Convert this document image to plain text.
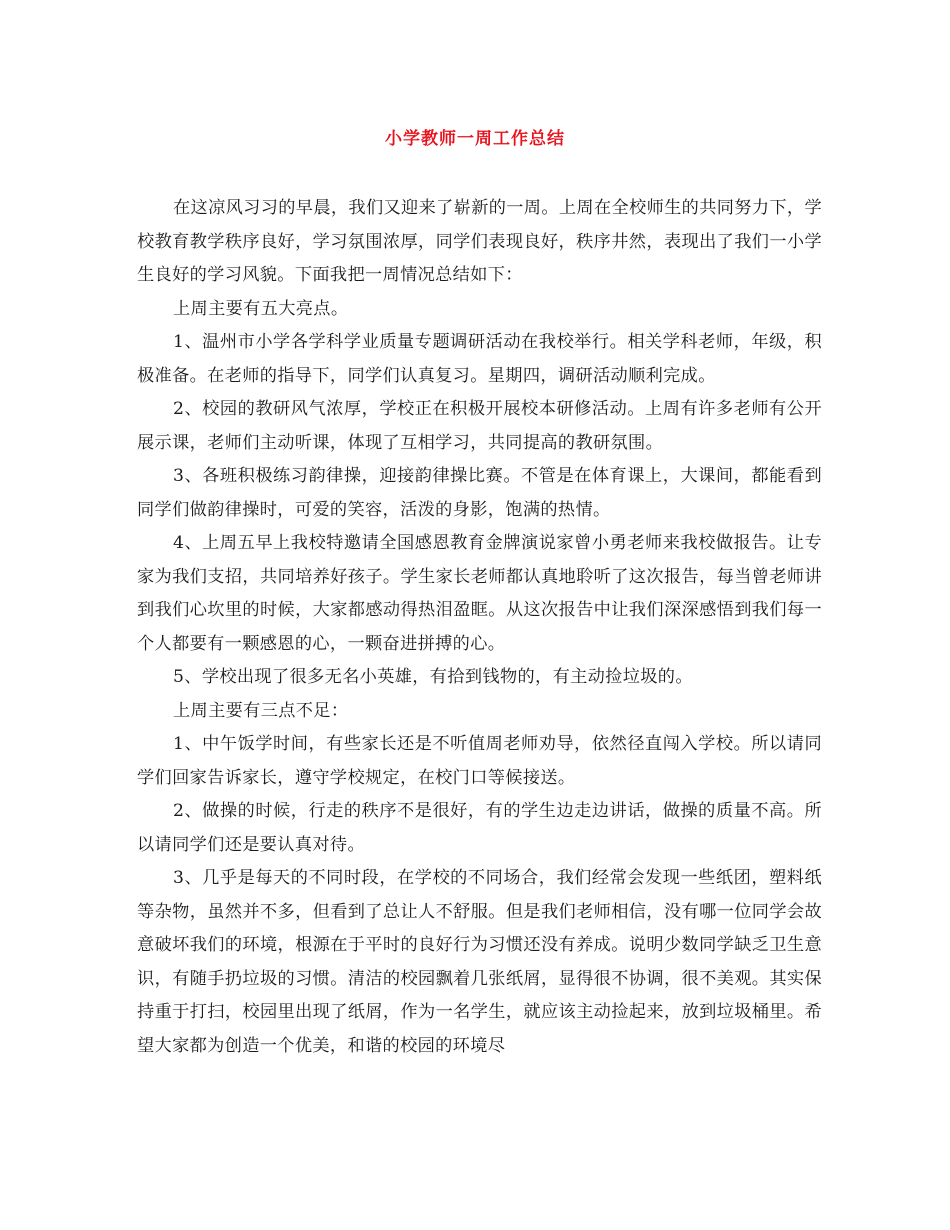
小学教师一周工作总结

在这凉风习习的早晨，我们又迎来了崭新的一周。上周在全校师生的共同努力下，学校教育教学秩序良好，学习氛围浓厚，同学们表现良好，秩序井然，表现出了我们一小学生良好的学习风貌。下面我把一周情况总结如下：

上周主要有五大亮点。

1、温州市小学各学科学业质量专题调研活动在我校举行。相关学科老师，年级，积极准备。在老师的指导下，同学们认真复习。星期四，调研活动顺利完成。

2、校园的教研风气浓厚，学校正在积极开展校本研修活动。上周有许多老师有公开展示课，老师们主动听课，体现了互相学习，共同提高的教研氛围。

3、各班积极练习韵律操，迎接韵律操比赛。不管是在体育课上，大课间，都能看到同学们做韵律操时，可爱的笑容，活泼的身影，饱满的热情。

4、上周五早上我校特邀请全国感恩教育金牌演说家曾小勇老师来我校做报告。让专家为我们支招，共同培养好孩子。学生家长老师都认真地聆听了这次报告，每当曾老师讲到我们心坎里的时候，大家都感动得热泪盈眶。从这次报告中让我们深深感悟到我们每一个人都要有一颗感恩的心，一颗奋进拼搏的心。

5、学校出现了很多无名小英雄，有拾到钱物的，有主动捡垃圾的。

上周主要有三点不足：

1、中午饭学时间，有些家长还是不听值周老师劝导，依然径直闯入学校。所以请同学们回家告诉家长，遵守学校规定，在校门口等候接送。

2、做操的时候，行走的秩序不是很好，有的学生边走边讲话，做操的质量不高。所以请同学们还是要认真对待。

3、几乎是每天的不同时段，在学校的不同场合，我们经常会发现一些纸团，塑料纸等杂物，虽然并不多，但看到了总让人不舒服。但是我们老师相信，没有哪一位同学会故意破坏我们的环境，根源在于平时的良好行为习惯还没有养成。说明少数同学缺乏卫生意识，有随手扔垃圾的习惯。清洁的校园飘着几张纸屑，显得很不协调，很不美观。其实保持重于打扫，校园里出现了纸屑，作为一名学生，就应该主动捡起来，放到垃圾桶里。希望大家都为创造一个优美，和谐的校园的环境尽
